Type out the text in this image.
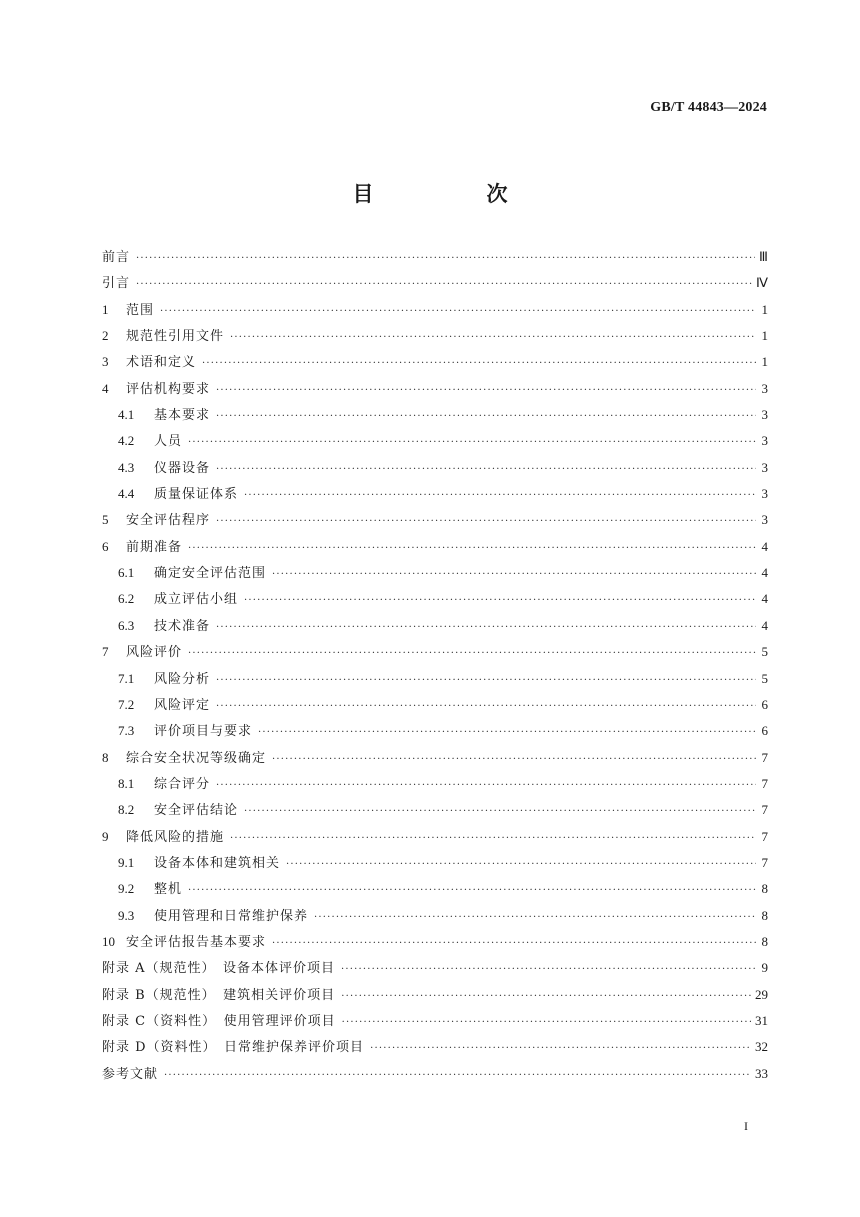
GB/T 44843—2024
目　次
前言 ·····	Ⅲ
引言 ·····	Ⅳ
1	范围 ·····	1
2	规范性引用文件 ·····	1
3	术语和定义 ·····	1
4	评估机构要求 ·····	3
4.1	基本要求 ·····	3
4.2	人员 ·····	3
4.3	仪器设备 ·····	3
4.4	质量保证体系 ·····	3
5	安全评估程序 ·····	3
6	前期准备 ·····	4
6.1	确定安全评估范围 ·····	4
6.2	成立评估小组 ·····	4
6.3	技术准备 ·····	4
7	风险评价 ·····	5
7.1	风险分析 ·····	5
7.2	风险评定 ·····	6
7.3	评价项目与要求 ·····	6
8	综合安全状况等级确定 ·····	7
8.1	综合评分 ·····	7
8.2	安全评估结论 ·····	7
9	降低风险的措施 ·····	7
9.1	设备本体和建筑相关 ·····	7
9.2	整机 ·····	8
9.3	使用管理和日常维护保养 ·····	8
10 安全评估报告基本要求 ·····	8
附录 A（规范性）　设备本体评价项目 ·····	9
附录 B（规范性）　建筑相关评价项目 ·····	29
附录 C（资料性）　使用管理评价项目 ·····	31
附录 D（资料性）　日常维护保养评价项目 ·····	32
参考文献 ·····	33
I
